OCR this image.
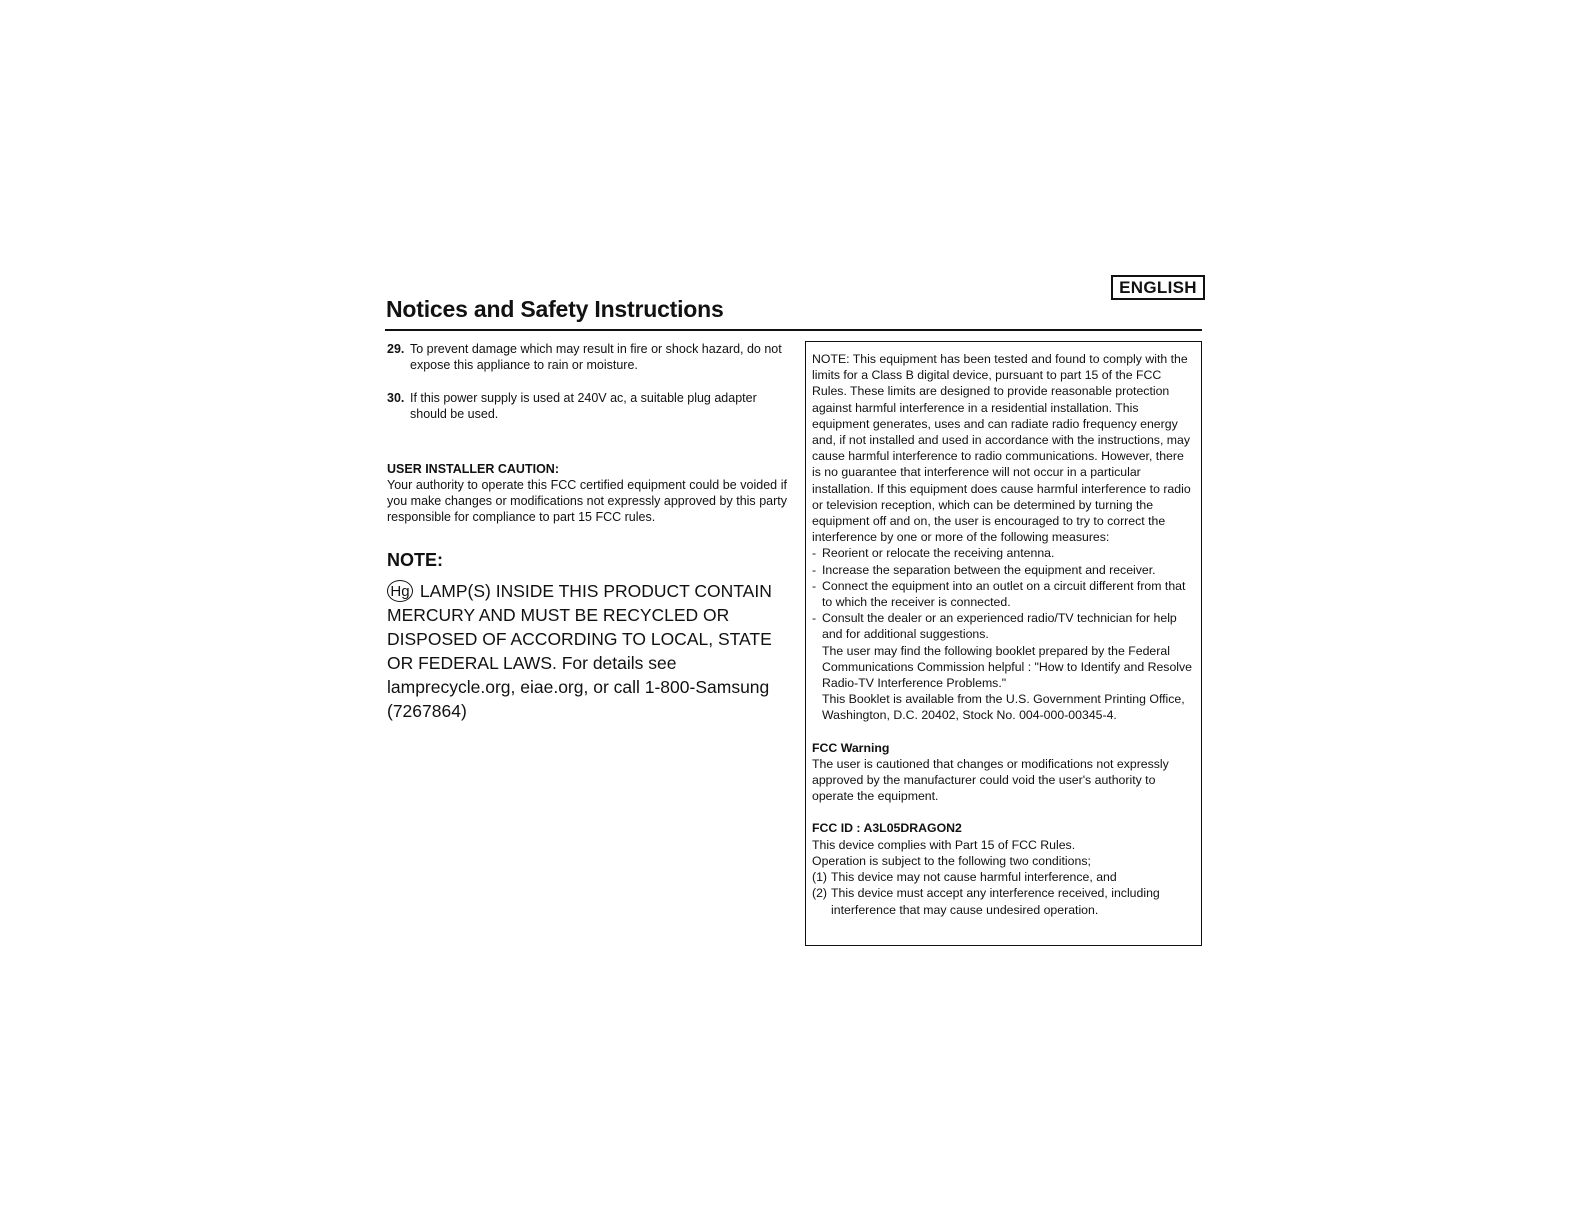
ENGLISH
Notices and Safety Instructions

29. To prevent damage which may result in fire or shock hazard, do not expose this appliance to rain or moisture.

30. If this power supply is used at 240V ac, a suitable plug adapter should be used.

USER INSTALLER CAUTION:
Your authority to operate this FCC certified equipment could be voided if you make changes or modifications not expressly approved by this party responsible for compliance to part 15 FCC rules.
NOTE:
Hg LAMP(S) INSIDE THIS PRODUCT CONTAIN MERCURY AND MUST BE RECYCLED OR DISPOSED OF ACCORDING TO LOCAL, STATE OR FEDERAL LAWS. For details see lamprecycle.org, eiae.org, or call 1-800-Samsung (7267864)
NOTE: This equipment has been tested and found to comply with the limits for a Class B digital device, pursuant to part 15 of the FCC Rules. These limits are designed to provide reasonable protection against harmful interference in a residential installation. This equipment generates, uses and can radiate radio frequency energy and, if not installed and used in accordance with the instructions, may cause harmful interference to radio communications. However, there is no guarantee that interference will not occur in a particular installation. If this equipment does cause harmful interference to radio or television reception, which can be determined by turning the equipment off and on, the user is encouraged to try to correct the interference by one or more of the following measures:
- Reorient or relocate the receiving antenna.
- Increase the separation between the equipment and receiver.
- Connect the equipment into an outlet on a circuit different from that to which the receiver is connected.
- Consult the dealer or an experienced radio/TV technician for help and for additional suggestions.
The user may find the following booklet prepared by the Federal Communications Commission helpful : "How to Identify and Resolve Radio-TV Interference Problems."
This Booklet is available from the U.S. Government Printing Office, Washington, D.C. 20402, Stock No. 004-000-00345-4.
FCC Warning
The user is cautioned that changes or modifications not expressly approved by the manufacturer could void the user's authority to operate the equipment.
FCC ID : A3L05DRAGON2
This device complies with Part 15 of FCC Rules.
Operation is subject to the following two conditions;
(1) This device may not cause harmful interference, and
(2) This device must accept any interference received, including interference that may cause undesired operation.
